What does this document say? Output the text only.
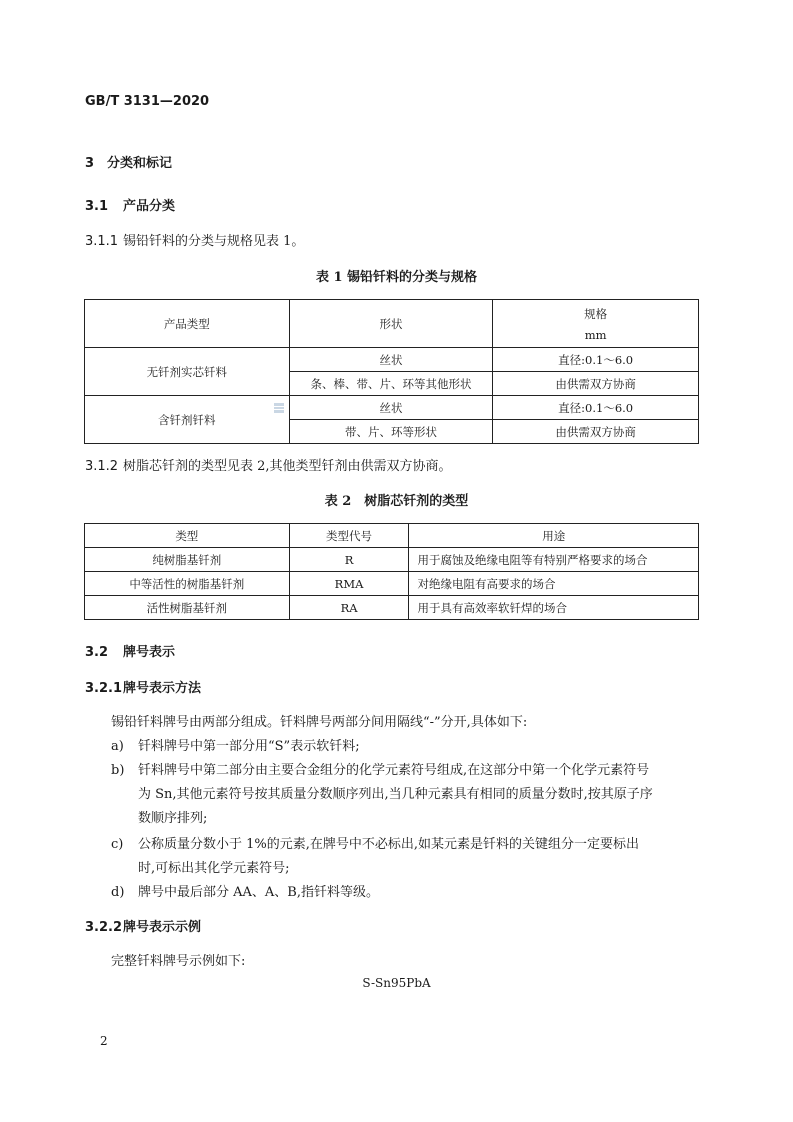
GB/T 3131—2020
3 分类和标记
3.1 产品分类
3.1.1 锡铅钎料的分类与规格见表 1。
表 1 锡铅钎料的分类与规格
产品类型	形状	规格
mm

无钎剂实芯钎料	丝状	直径:0.1～6.0
	条、棒、带、片、环等其他形状	由供需双方协商
含钎剂钎料	丝状	直径:0.1～6.0
	带、片、环等形状	由供需双方协商
3.1.2 树脂芯钎剂的类型见表 2,其他类型钎剂由供需双方协商。
表 2　树脂芯钎剂的类型
类型	类型代号	用途
纯树脂基钎剂	R	用于腐蚀及绝缘电阻等有特别严格要求的场合
中等活性的树脂基钎剂	RMA	对绝缘电阻有高要求的场合
活性树脂基钎剂	RA	用于具有高效率软钎焊的场合
3.2 牌号表示
3.2.1牌号表示方法
锡铅钎料牌号由两部分组成。钎料牌号两部分间用隔线“-”分开,具体如下:
a) 钎料牌号中第一部分用“S”表示软钎料;
b) 钎料牌号中第二部分由主要合金组分的化学元素符号组成,在这部分中第一个化学元素符号
为 Sn,其他元素符号按其质量分数顺序列出,当几种元素具有相同的质量分数时,按其原子序
数顺序排列;
c) 公称质量分数小于 1%的元素,在牌号中不必标出,如某元素是钎料的关键组分一定要标出
时,可标出其化学元素符号;
d) 牌号中最后部分 AA、A、B,指钎料等级。
3.2.2牌号表示示例
完整钎料牌号示例如下:
S-Sn95PbA
2
